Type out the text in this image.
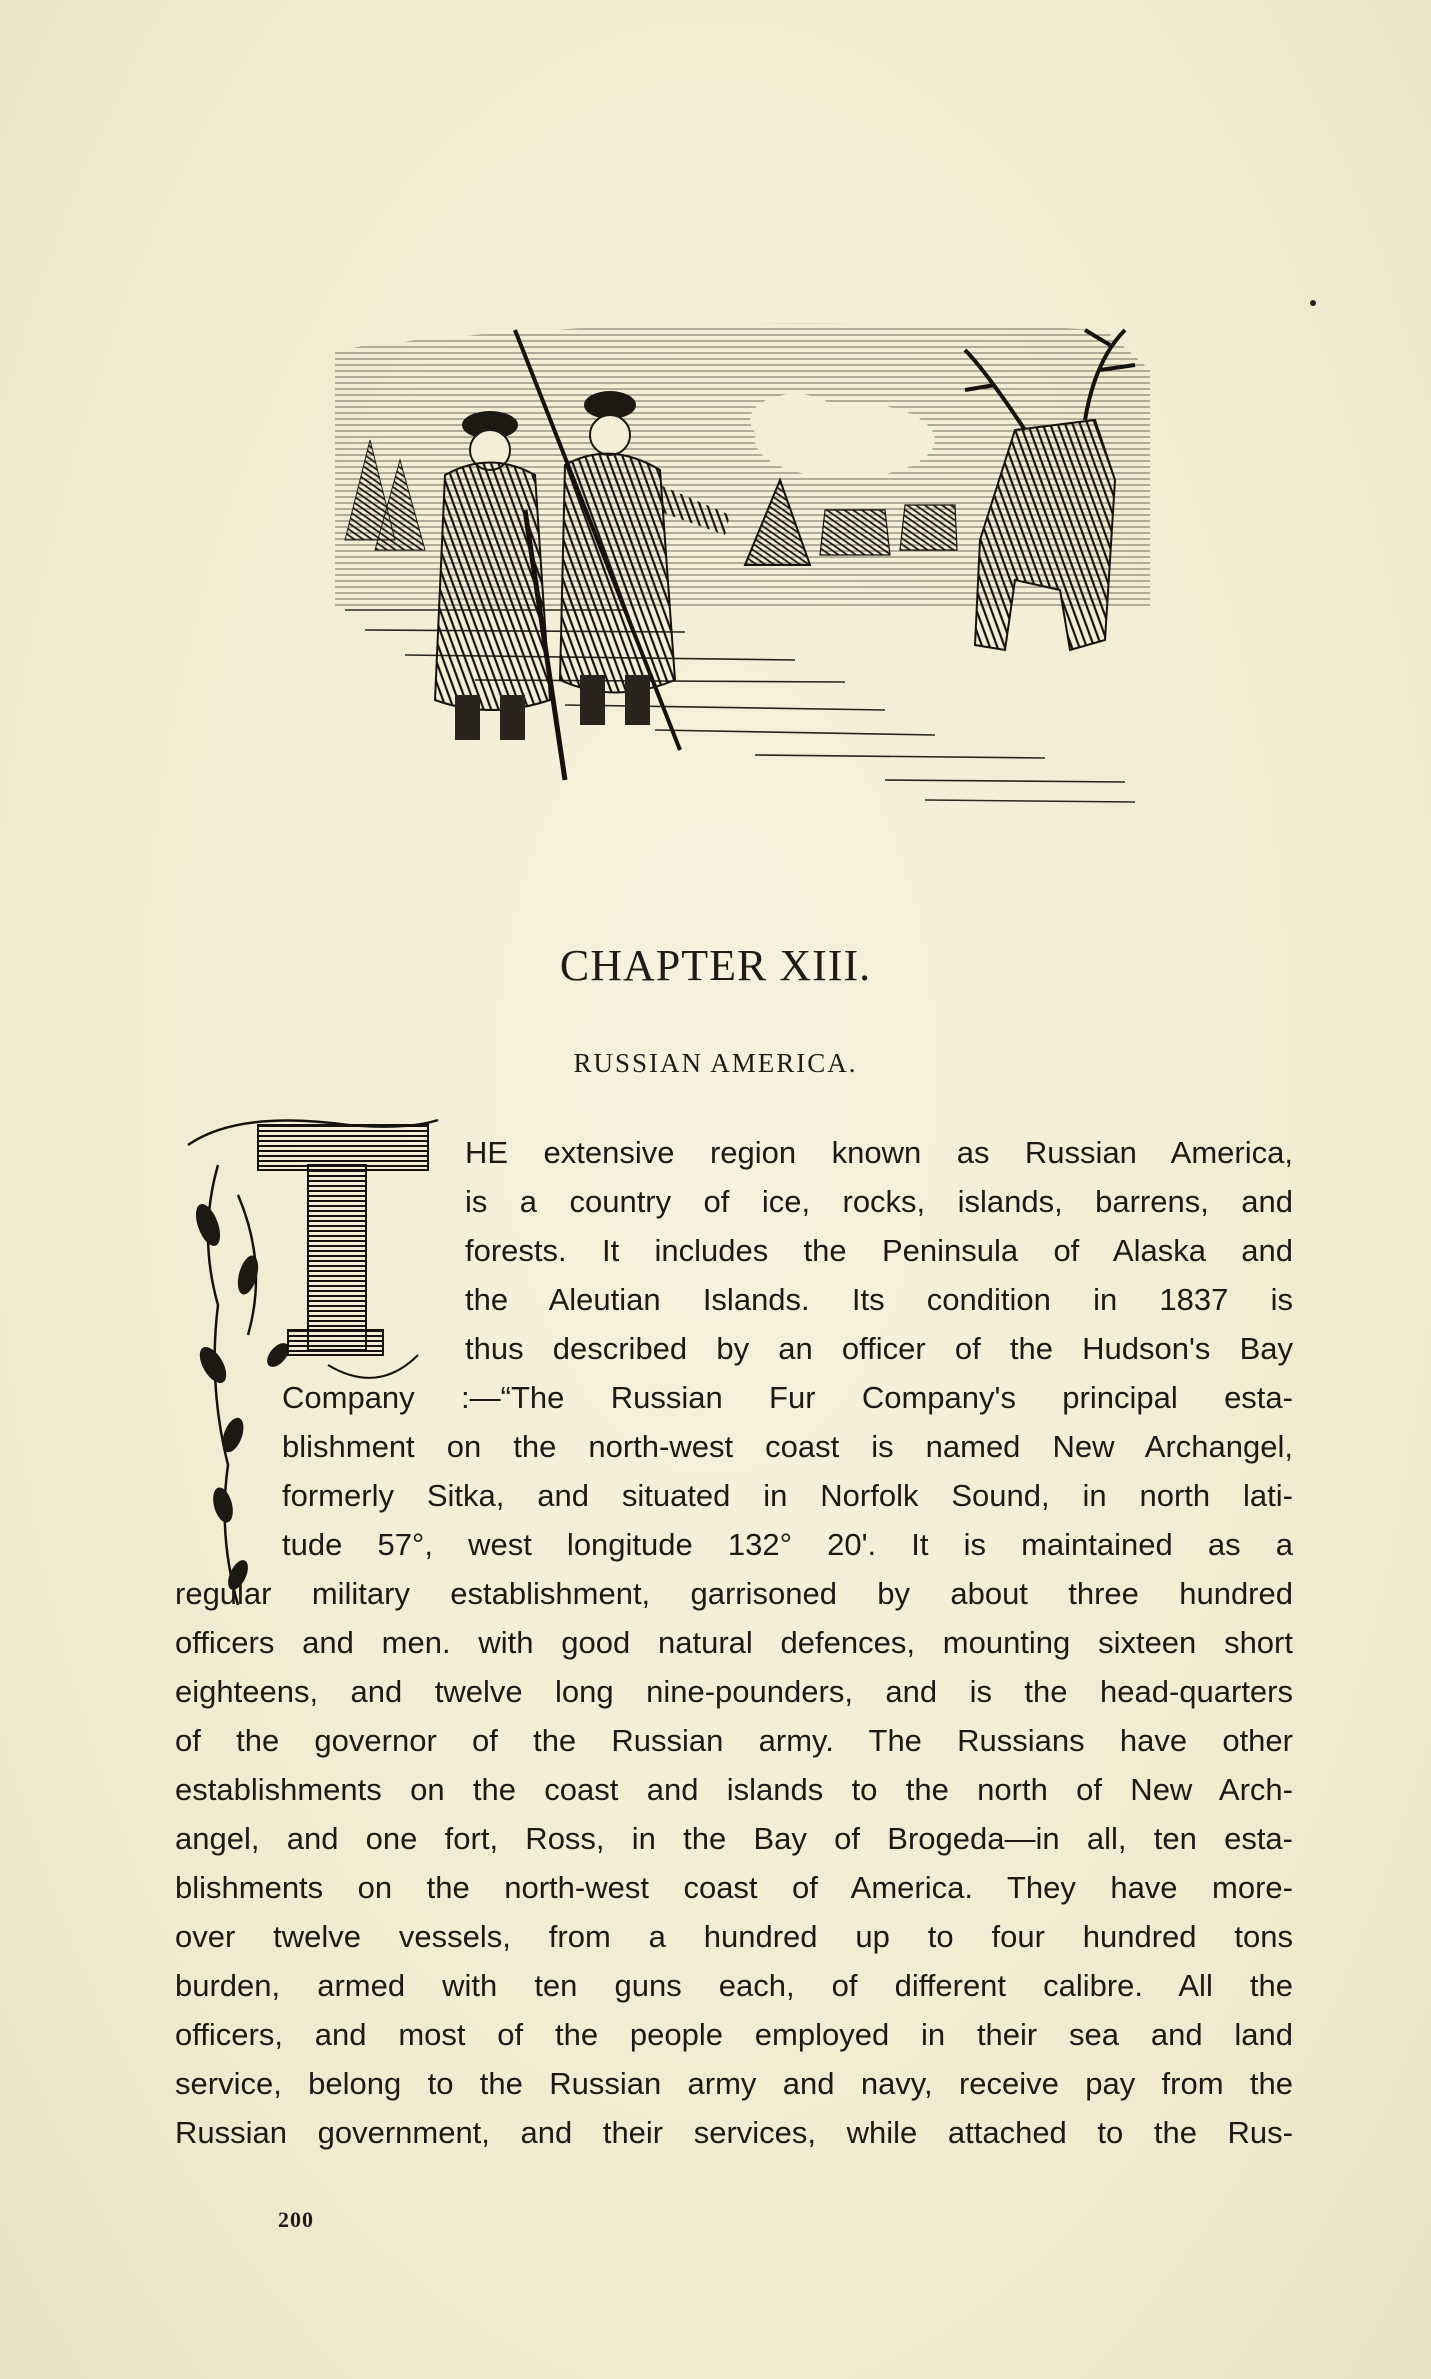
CHAPTER XIII.
RUSSIAN AMERICA.
HE extensive region known as Russian America,
is a country of ice, rocks, islands, barrens, and
forests. It includes the Peninsula of Alaska and
the Aleutian Islands. Its condition in 1837 is
thus described by an officer of the Hudson's Bay
Company :—“The Russian Fur Company's principal esta-
blishment on the north-west coast is named New Archangel,
formerly Sitka, and situated in Norfolk Sound, in north lati-
tude 57°, west longitude 132° 20'. It is maintained as a
regular military establishment, garrisoned by about three hundred
officers and men. with good natural defences, mounting sixteen short
eighteens, and twelve long nine-pounders, and is the head-quarters
of the governor of the Russian army. The Russians have other
establishments on the coast and islands to the north of New Arch-
angel, and one fort, Ross, in the Bay of Brogeda—in all, ten esta-
blishments on the north-west coast of America. They have more-
over twelve vessels, from a hundred up to four hundred tons
burden, armed with ten guns each, of different calibre. All the
officers, and most of the people employed in their sea and land
service, belong to the Russian army and navy, receive pay from the
Russian government, and their services, while attached to the Rus-
200
